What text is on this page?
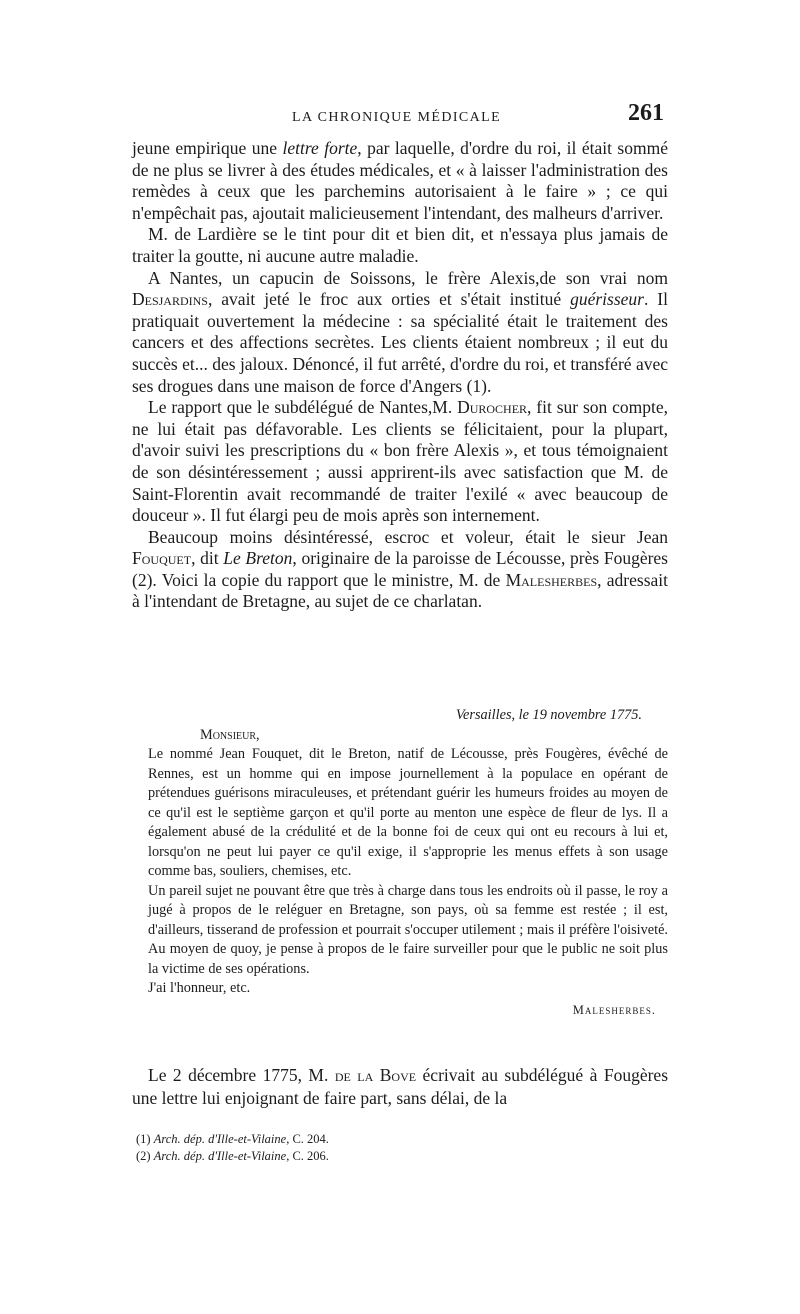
LA CHRONIQUE MÉDICALE	261

jeune empirique une lettre forte, par laquelle, d'ordre du roi, il était sommé de ne plus se livrer à des études médicales, et « à laisser l'administration des remèdes à ceux que les parchemins autorisaient à le faire » ; ce qui n'empêchait pas, ajoutait malicieusement l'intendant, des malheurs d'arriver.

M. de Lardière se le tint pour dit et bien dit, et n'essaya plus jamais de traiter la goutte, ni aucune autre maladie.

A Nantes, un capucin de Soissons, le frère Alexis,de son vrai nom Desjardins, avait jeté le froc aux orties et s'était institué guérisseur. Il pratiquait ouvertement la médecine : sa spécialité était le traitement des cancers et des affections secrètes. Les clients étaient nombreux ; il eut du succès et... des jaloux. Dénoncé, il fut arrêté, d'ordre du roi, et transféré avec ses drogues dans une maison de force d'Angers (1).

Le rapport que le subdélégué de Nantes,M. Durocher, fit sur son compte, ne lui était pas défavorable. Les clients se félicitaient, pour la plupart, d'avoir suivi les prescriptions du « bon frère Alexis », et tous témoignaient de son désintéressement ; aussi apprirent-ils avec satisfaction que M. de Saint-Florentin avait recommandé de traiter l'exilé « avec beaucoup de douceur ». Il fut élargi peu de mois après son internement.

Beaucoup moins désintéressé, escroc et voleur, était le sieur Jean Fouquet, dit Le Breton, originaire de la paroisse de Lécousse, près Fougères (2). Voici la copie du rapport que le ministre, M. de Malesherbes, adressait à l'intendant de Bretagne, au sujet de ce charlatan.

Versailles, le 19 novembre 1775.
Monsieur,

Le nommé Jean Fouquet, dit le Breton, natif de Lécousse, près Fougères, évêché de Rennes, est un homme qui en impose journellement à la populace en opérant de prétendues guérisons miraculeuses, et prétendant guérir les humeurs froides au moyen de ce qu'il est le septième garçon et qu'il porte au menton une espèce de fleur de lys. Il a également abusé de la crédulité et de la bonne foi de ceux qui ont eu recours à lui et, lorsqu'on ne peut lui payer ce qu'il exige, il s'approprie les menus effets à son usage comme bas, souliers, chemises, etc.

Un pareil sujet ne pouvant être que très à charge dans tous les endroits où il passe, le roy a jugé à propos de le reléguer en Bretagne, son pays, où sa femme est restée ; il est, d'ailleurs, tisserand de profession et pourrait s'occuper utilement ; mais il préfère l'oisiveté. Au moyen de quoy, je pense à propos de le faire surveiller pour que le public ne soit plus la victime de ses opérations.

J'ai l'honneur, etc.

Malesherbes.

Le 2 décembre 1775, M. de la Bove écrivait au subdélégué à Fougères une lettre lui enjoignant de faire part, sans délai, de la

(1) Arch. dép. d'Ille-et-Vilaine, C. 204.
(2) Arch. dép. d'Ille-et-Vilaine, C. 206.
